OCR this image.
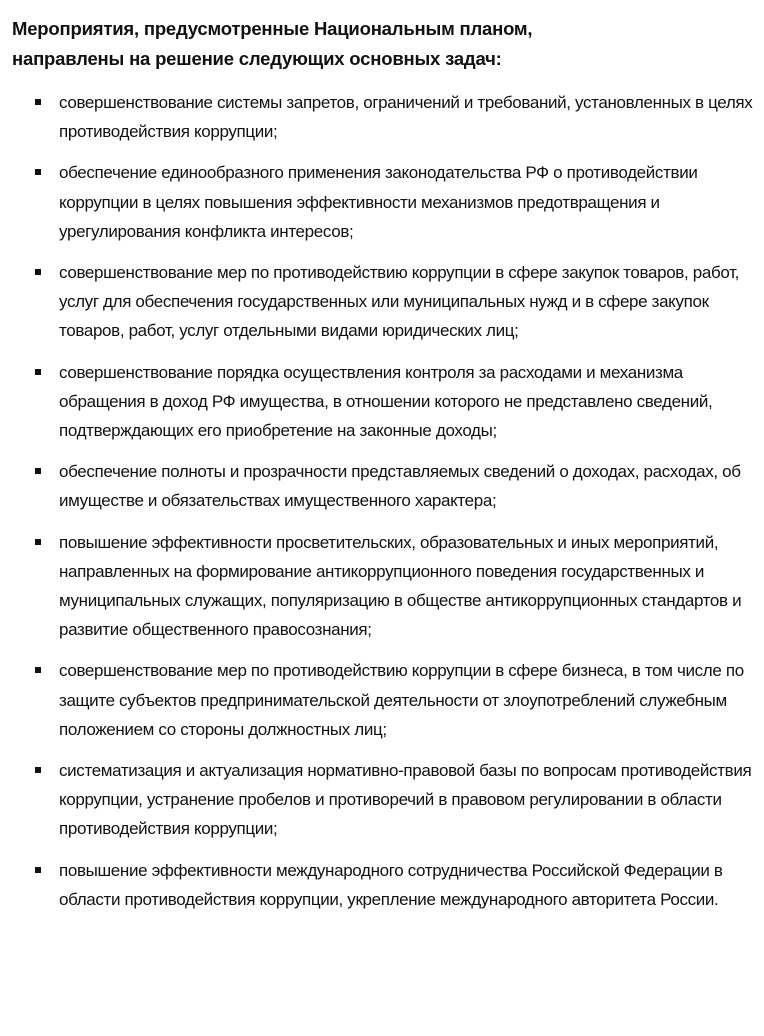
Мероприятия, предусмотренные Национальным планом,
направлены на решение следующих основных задач:
совершенствование системы запретов, ограничений и требований, установленных в целях противодействия коррупции;
обеспечение единообразного применения законодательства РФ о противодействии коррупции в целях повышения эффективности механизмов предотвращения и урегулирования конфликта интересов;
совершенствование мер по противодействию коррупции в сфере закупок товаров, работ, услуг для обеспечения государственных или муниципальных нужд и в сфере закупок товаров, работ, услуг отдельными видами юридических лиц;
совершенствование порядка осуществления контроля за расходами и механизма обращения в доход РФ имущества, в отношении которого не представлено сведений, подтверждающих его приобретение на законные доходы;
обеспечение полноты и прозрачности представляемых сведений о доходах, расходах, об имуществе и обязательствах имущественного характера;
повышение эффективности просветительских, образовательных и иных мероприятий, направленных на формирование антикоррупционного поведения государственных и муниципальных служащих, популяризацию в обществе антикоррупционных стандартов и развитие общественного правосознания;
совершенствование мер по противодействию коррупции в сфере бизнеса, в том числе по защите субъектов предпринимательской деятельности от злоупотреблений служебным положением со стороны должностных лиц;
систематизация и актуализация нормативно-правовой базы по вопросам противодействия коррупции, устранение пробелов и противоречий в правовом регулировании в области противодействия коррупции;
повышение эффективности международного сотрудничества Российской Федерации в области противодействия коррупции, укрепление международного авторитета России.
